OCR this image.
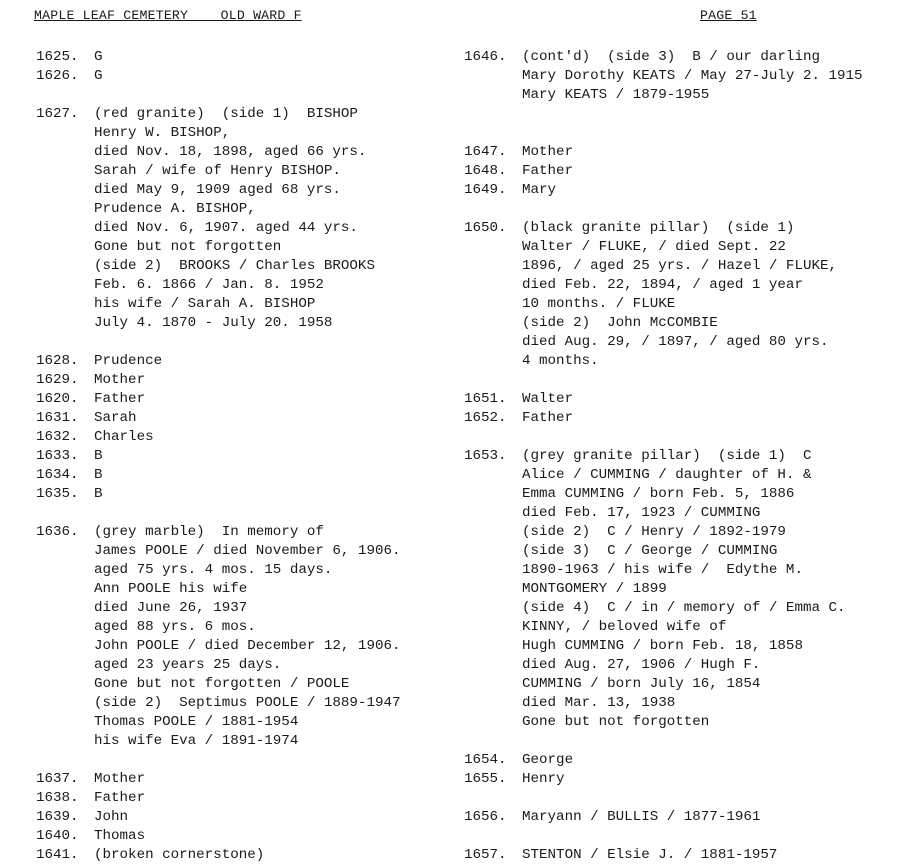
MAPLE LEAF CEMETERY    OLD WARD F	PAGE 51
1625.	G
1626.	G
1627.	(red granite)  (side 1)  BISHOP
Henry W. BISHOP,
died Nov. 18, 1898, aged 66 yrs.
Sarah / wife of Henry BISHOP.
died May 9, 1909 aged 68 yrs.
Prudence A. BISHOP,
died Nov. 6, 1907. aged 44 yrs.
Gone but not forgotten
(side 2)  BROOKS / Charles BROOKS
Feb. 6. 1866 / Jan. 8. 1952
his wife / Sarah A. BISHOP
July 4. 1870 - July 20. 1958
1628.	Prudence
1629.	Mother
1620.	Father
1631.	Sarah
1632.	Charles
1633.	B
1634.	B
1635.	B
1636.	(grey marble)  In memory of
James POOLE / died November 6, 1906.
aged 75 yrs. 4 mos. 15 days.
Ann POOLE his wife
died June 26, 1937
aged 88 yrs. 6 mos.
John POOLE / died December 12, 1906.
aged 23 years 25 days.
Gone but not forgotten / POOLE
(side 2)  Septimus POOLE / 1889-1947
Thomas POOLE / 1881-1954
his wife Eva / 1891-1974
1637.	Mother
1638.	Father
1639.	John
1640.	Thomas
1641.	(broken cornerstone)
1646.	(cont'd)  (side 3)  B / our darling
Mary Dorothy KEATS / May 27-July 2. 1915
Mary KEATS / 1879-1955
1647.	Mother
1648.	Father
1649.	Mary
1650.	(black granite pillar)  (side 1)
Walter / FLUKE, / died Sept. 22
1896, / aged 25 yrs. / Hazel / FLUKE,
died Feb. 22, 1894, / aged 1 year
10 months. / FLUKE
(side 2)  John McCOMBIE
died Aug. 29, / 1897, / aged 80 yrs.
4 months.
1651.	Walter
1652.	Father
1653.	(grey granite pillar)  (side 1)  C
Alice / CUMMING / daughter of H. &
Emma CUMMING / born Feb. 5, 1886
died Feb. 17, 1923 / CUMMING
(side 2)  C / Henry / 1892-1979
(side 3)  C / George / CUMMING
1890-1963 / his wife /  Edythe M.
MONTGOMERY / 1899
(side 4)  C / in / memory of / Emma C.
KINNY, / beloved wife of
Hugh CUMMING / born Feb. 18, 1858
died Aug. 27, 1906 / Hugh F.
CUMMING / born July 16, 1854
died Mar. 13, 1938
Gone but not forgotten
1654.	George
1655.	Henry
1656.	Maryann / BULLIS / 1877-1961
1657.	STENTON / Elsie J. / 1881-1957
